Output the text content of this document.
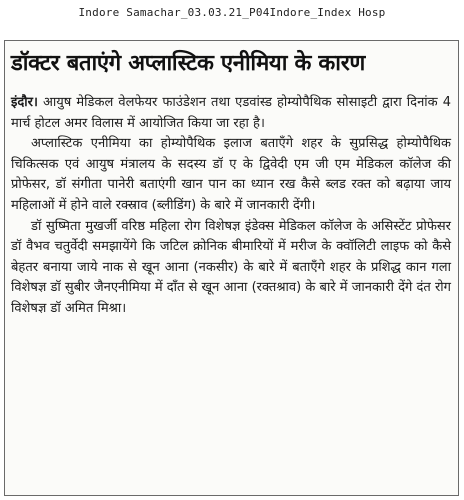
Indore Samachar_03.03.21_P04Indore_Index Hosp
डॉक्टर बताएंगे अप्लास्टिक एनीमिया के कारण

इंदौर। आयुष मेडिकल वेलफेयर फाउंडेशन तथा एडवांस्ड होम्योपैथिक सोसाइटी द्वारा दिनांक 4 मार्च होटल अमर विलास में आयोजित किया जा रहा है।

अप्लास्टिक एनीमिया का होम्योपैथिक इलाज बताएँगे शहर के सुप्रसिद्ध होम्योपैथिक चिकित्सक एवं आयुष मंत्रालय के सदस्य डॉ ए के द्विवेदी एम जी एम मेडिकल कॉलेज की प्रोफेसर, डॉ संगीता पानेरी बताएंगी खान पान का ध्यान रख कैसे ब्लड रक्त को बढ़ाया जाय महिलाओं में होने वाले रक्स्राव (ब्लीडिंग) के बारे में जानकारी देंगी।

डॉ सुष्मिता मुखर्जी वरिष्ठ महिला रोग विशेषज्ञ इंडेक्स मेडिकल कॉलेज के असिस्टेंट प्रोफेसर डॉ वैभव चतुर्वेदी समझायेंगे कि जटिल क्रोनिक बीमारियों में मरीज के क्वॉलिटी लाइफ को कैसे बेहतर बनाया जाये नाक से खून आना (नकसीर) के बारे में बताएँगे शहर के प्रशिद्ध कान गला विशेषज्ञ डॉ सुबीर जैनएनीमिया में दाँत से खून आना (रक्तश्राव) के बारे में जानकारी देंगे दंत रोग विशेषज्ञ डॉ अमित मिश्रा।
